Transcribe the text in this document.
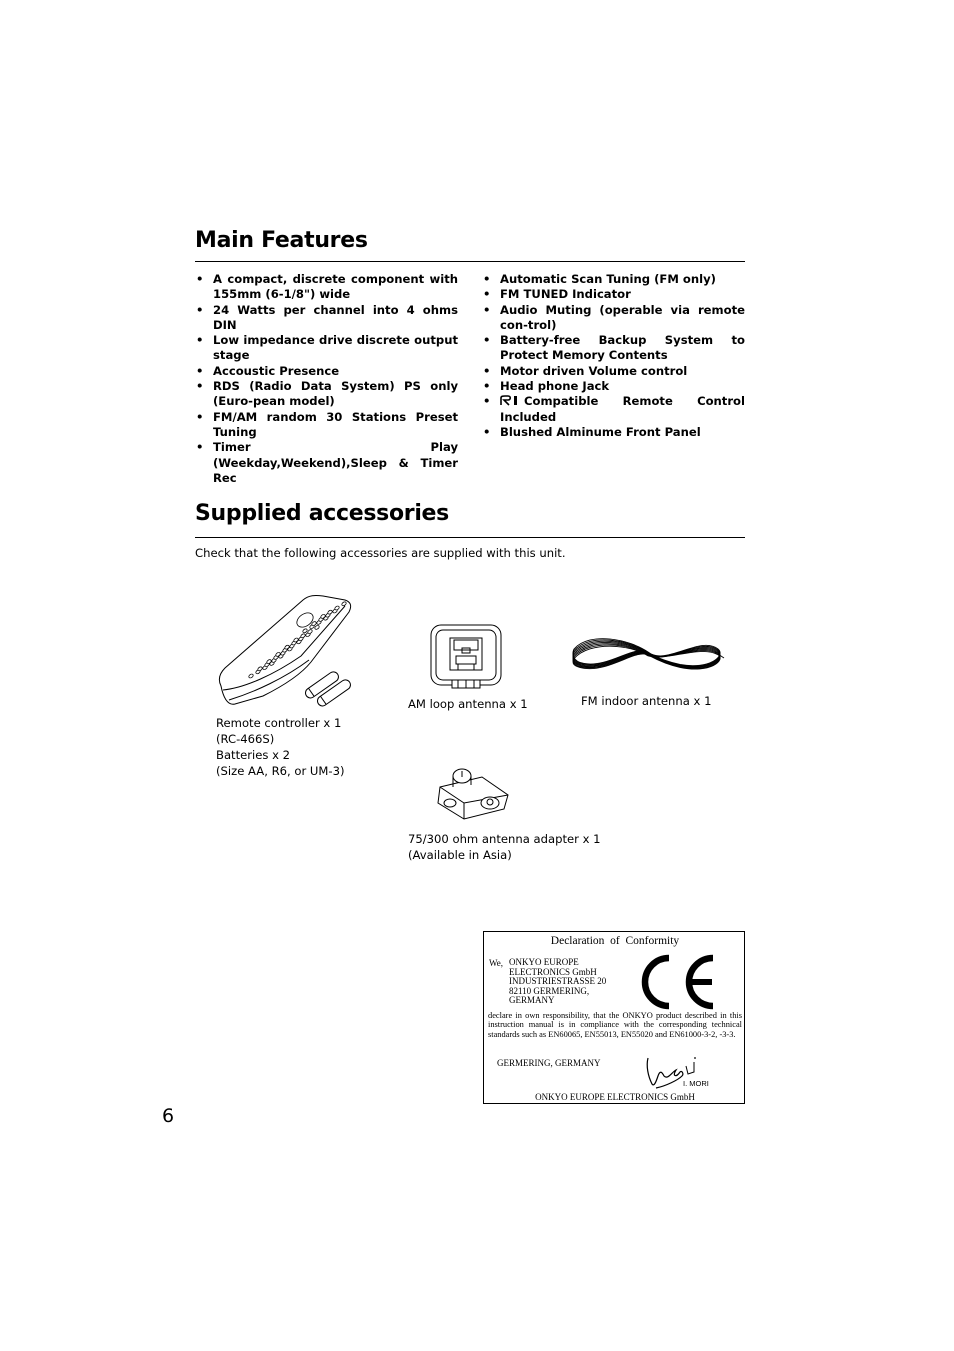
Main Features
• A compact, discrete component with 155mm (6-1/8") wide
• 24 Watts per channel into 4 ohms DIN
• Low impedance drive discrete output stage
• Accoustic Presence
• RDS (Radio Data System) PS only (Euro-pean model)
• FM/AM random 30 Stations Preset Tuning
• Timer Play (Weekday,Weekend),Sleep & Timer Rec
• Automatic Scan Tuning (FM only)
• FM TUNED Indicator
• Audio Muting (operable via remote con-trol)
• Battery-free Backup System to Protect Memory Contents
• Motor driven Volume control
• Head phone Jack
• Compatible Remote Control Included
• Blushed Alminume Front Panel
Supplied accessories
Check that the following accessories are supplied with this unit.
Remote controller x 1
(RC-466S)
Batteries x 2
(Size AA, R6, or UM-3)
AM loop antenna x 1	FM indoor antenna x 1
75/300 ohm antenna adapter x 1
(Available in Asia)
Declaration  of  Conformity
We, ONKYO EUROPE
ELECTRONICS GmbH
INDUSTRIESTRASSE 20
82110 GERMERING,
GERMANY
declare in own responsibility, that the ONKYO product described in this instruction manual is in compliance with the corresponding technical standards such as EN60065, EN55013, EN55020 and EN61000-3-2, -3-3.
GERMERING, GERMANY
I. MORI
ONKYO EUROPE ELECTRONICS GmbH
6
